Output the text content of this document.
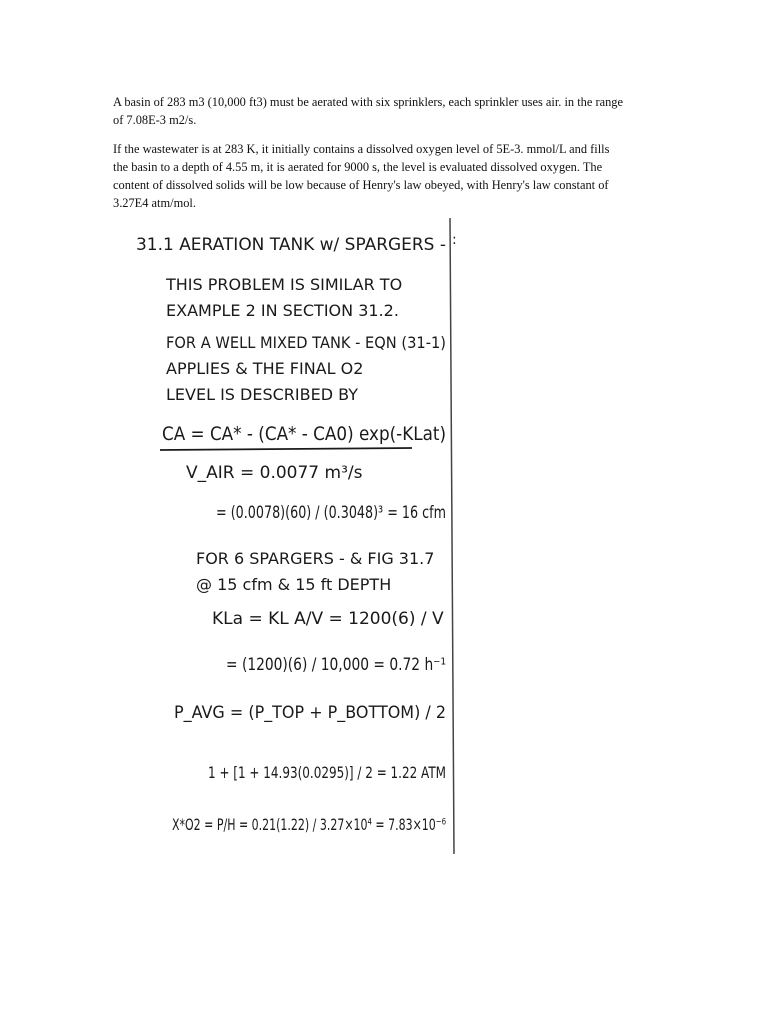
A basin of 283 m3 (10,000 ft3) must be aerated with six sprinklers, each sprinkler uses air. in the range of 7.08E-3 m2/s.

If the wastewater is at 283 K, it initially contains a dissolved oxygen level of 5E-3. mmol/L and fills the basin to a depth of 4.55 m, it is aerated for 9000 s, the level is evaluated dissolved oxygen. The content of dissolved solids will be low because of Henry's law obeyed, with Henry's law constant of 3.27E4 atm/mol.

:
31.1 AERATION TANK w/ SPARGERS -
THIS PROBLEM IS SIMILAR TO
EXAMPLE 2 IN SECTION 31.2.
FOR A WELL MIXED TANK - EQN (31-1)
APPLIES & THE FINAL O2
LEVEL IS DESCRIBED BY
CA = CA* - (CA* - CA0) exp(-KLat)
V_AIR = 0.0077 m³/s
= (0.0078)(60) / (0.3048)³ = 16 cfm
FOR 6 SPARGERS - & FIG 31.7
@ 15 cfm & 15 ft DEPTH
KLa = KL A/V = 1200(6) / V
= (1200)(6) / 10,000 = 0.72 h⁻¹
P_AVG = (P_TOP + P_BOTTOM) / 2
1 + [1 + 14.93(0.0295)] / 2 = 1.22 ATM
X*O2 = P/H = 0.21(1.22) / 3.27×10⁴ = 7.83×10⁻⁶
